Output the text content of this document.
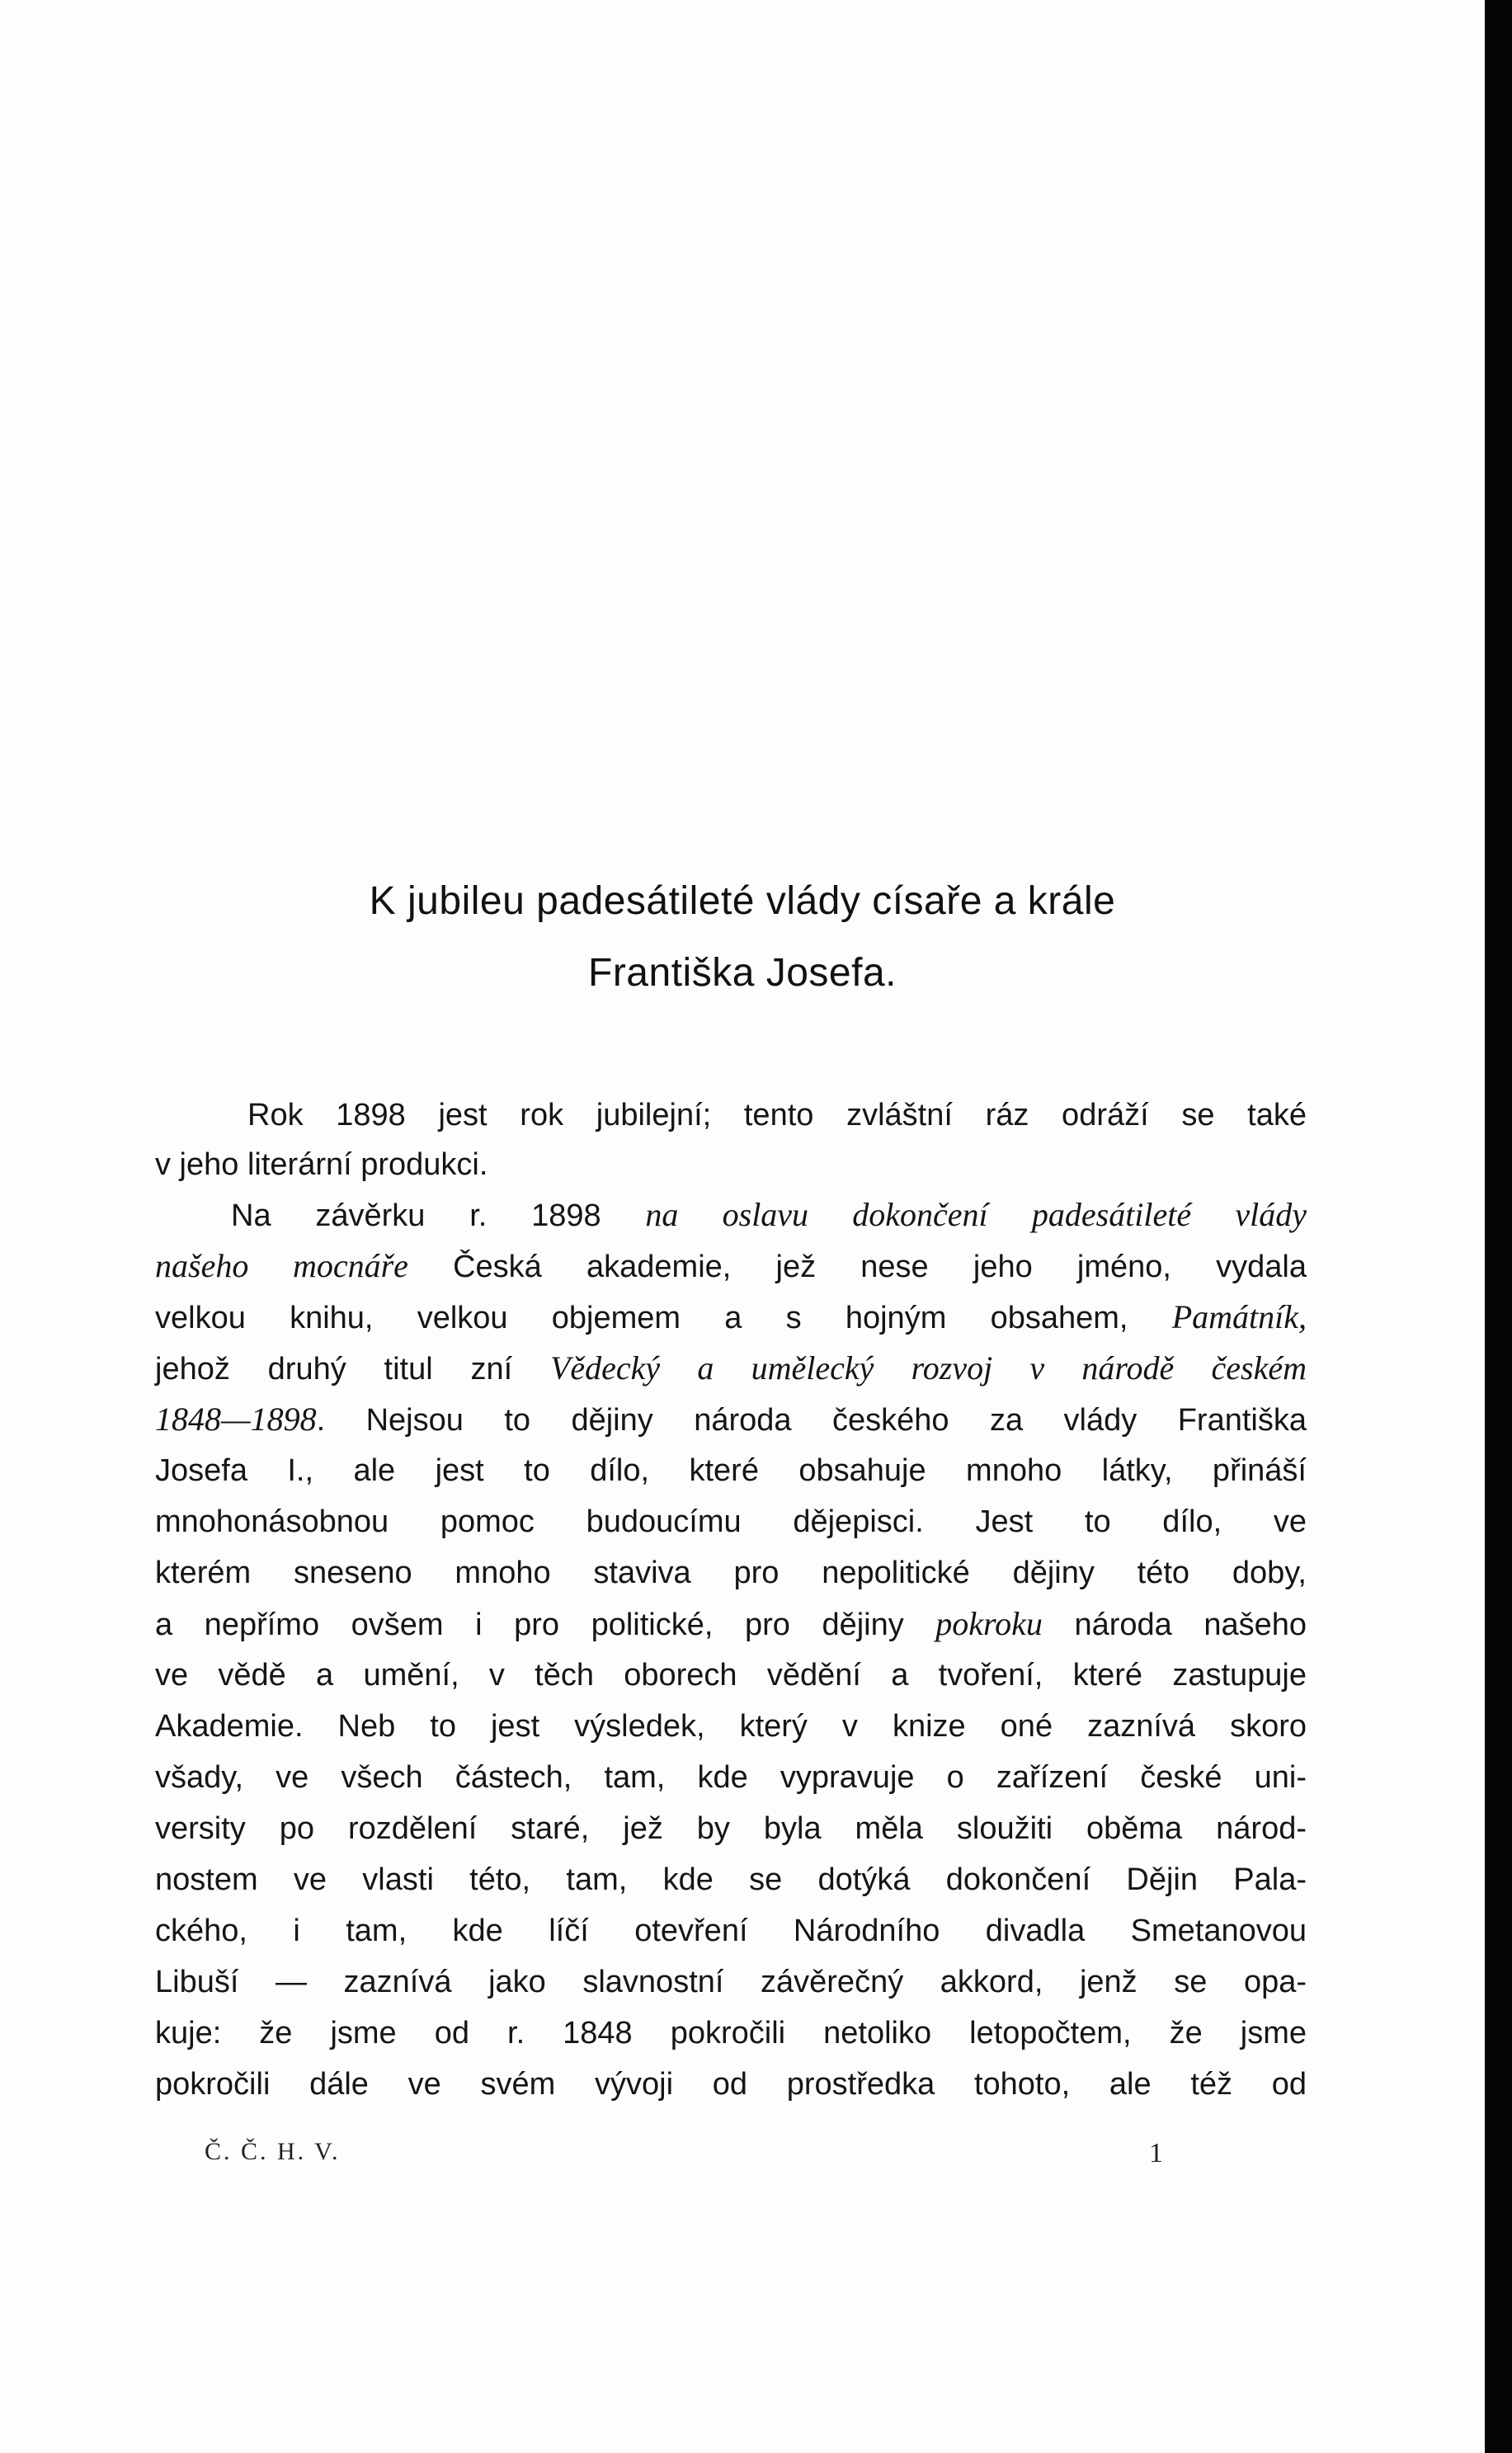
K jubileu padesátileté vlády císaře a krále
Františka Josefa.
Rok 1898 jest rok jubilejní; tento zvláštní ráz odráží se také
v jeho literární produkci.
Na závěrku r. 1898 na oslavu dokončení padesátileté vlády
našeho mocnáře Česká akademie, jež nese jeho jméno, vydala
velkou knihu, velkou objemem a s hojným obsahem, Památník,
jehož druhý titul zní Vědecký a umělecký rozvoj v národě českém
1848—1898. Nejsou to dějiny národa českého za vlády Františka
Josefa I., ale jest to dílo, které obsahuje mnoho látky, přináší
mnohonásobnou pomoc budoucímu dějepisci. Jest to dílo, ve
kterém sneseno mnoho staviva pro nepolitické dějiny této doby,
a nepřímo ovšem i pro politické, pro dějiny pokroku národa našeho
ve vědě a umění, v těch oborech vědění a tvoření, které zastupuje
Akademie. Neb to jest výsledek, který v knize oné zaznívá skoro
všady, ve všech částech, tam, kde vypravuje o zařízení české uni-
versity po rozdělení staré, jež by byla měla sloužiti oběma národ-
nostem ve vlasti této, tam, kde se dotýká dokončení Dějin Pala-
ckého, i tam, kde líčí otevření Národního divadla Smetanovou
Libuší — zaznívá jako slavnostní závěrečný akkord, jenž se opa-
kuje: že jsme od r. 1848 pokročili netoliko letopočtem, že jsme
pokročili dále ve svém vývoji od prostředka tohoto, ale též od
Č. Č. H. V.	1
